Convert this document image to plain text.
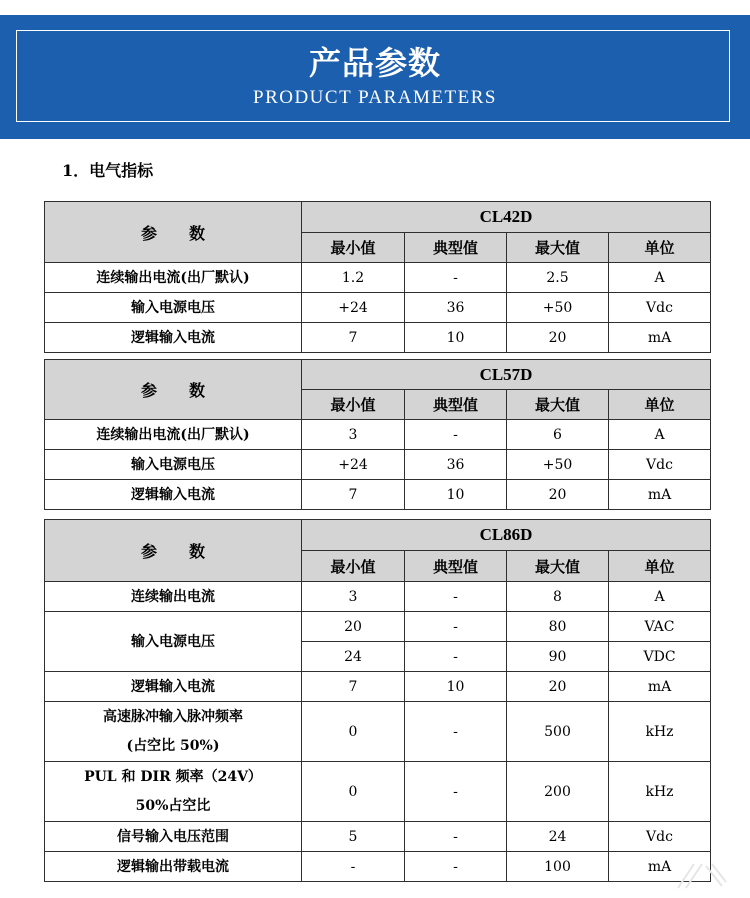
产品参数
PRODUCT PARAMETERS
1．电气指标
参　　数	CL42D			
	最小值	典型值	最大值	单位
连续输出电流(出厂默认)	1.2	-	2.5	A
输入电源电压	+24	36	+50	Vdc
逻辑输入电流	7	10	20	mA
参　　数	CL57D			
	最小值	典型值	最大值	单位
连续输出电流(出厂默认)	3	-	6	A
输入电源电压	+24	36	+50	Vdc
逻辑输入电流	7	10	20	mA
参　　数	CL86D			
	最小值	典型值	最大值	单位
连续输出电流	3	-	8	A
输入电源电压	20	-	80	VAC
	24	-	90	VDC
逻辑输入电流	7	10	20	mA

高速脉冲输入脉冲频率
(占空比 50%)	0	-	500	kHz

PUL 和 DIR 频率（24V）
50%占空比	0	-	200	kHz
信号输入电压范围	5	-	24	Vdc
逻辑输出带载电流	-	-	100	mA
